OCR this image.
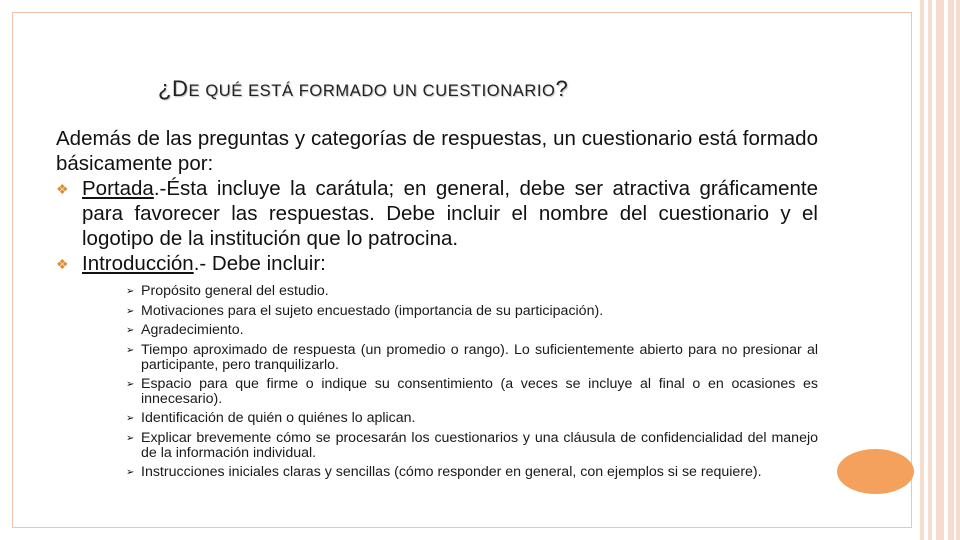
¿DE QUÉ ESTÁ FORMADO UN CUESTIONARIO?

Además de las preguntas y categorías de respuestas, un cuestionario está formado básicamente por:

❖ Portada.-Ésta incluye la carátula; en general, debe ser atractiva gráficamente para favorecer las respuestas. Debe incluir el nombre del cuestionario y el logotipo de la institución que lo patrocina.
❖ Introducción.- Debe incluir:
➢ Propósito general del estudio.
➢ Motivaciones para el sujeto encuestado (importancia de su participación).
➢ Agradecimiento.
➢ Tiempo aproximado de respuesta (un promedio o rango). Lo suficientemente abierto para no presionar al participante, pero tranquilizarlo.
➢ Espacio para que firme o indique su consentimiento (a veces se incluye al final o en ocasiones es innecesario).
➢ Identificación de quién o quiénes lo aplican.
➢ Explicar brevemente cómo se procesarán los cuestionarios y una cláusula de confidencialidad del manejo de la información individual.
➢ Instrucciones iniciales claras y sencillas (cómo responder en general, con ejemplos si se requiere).
